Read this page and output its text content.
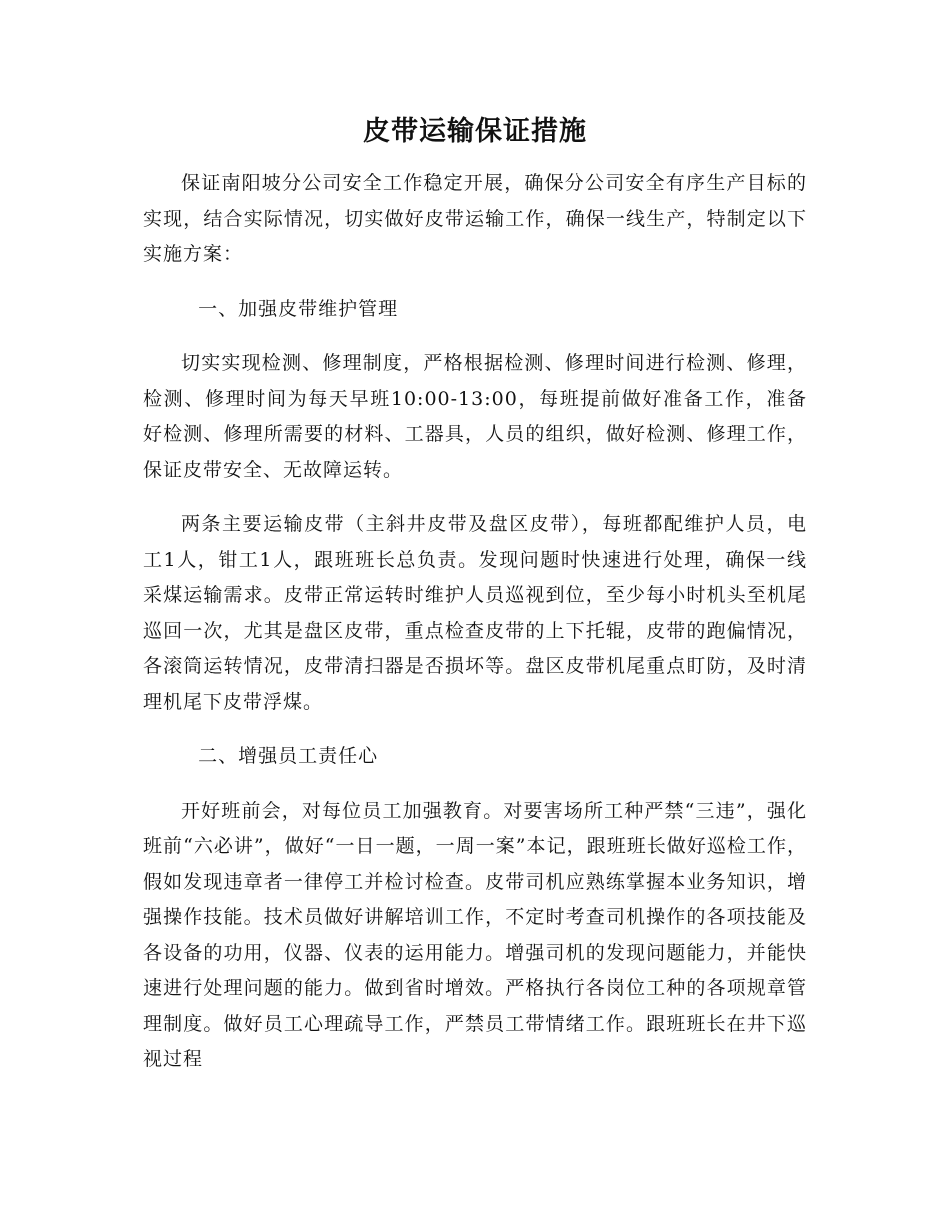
皮带运输保证措施

保证南阳坡分公司安全工作稳定开展，确保分公司安全有序生产目标的实现，结合实际情况，切实做好皮带运输工作，确保一线生产，特制定以下实施方案：

一、加强皮带维护管理

切实实现检测、修理制度，严格根据检测、修理时间进行检测、修理，检测、修理时间为每天早班10:00-13:00，每班提前做好准备工作，准备好检测、修理所需要的材料、工器具，人员的组织，做好检测、修理工作，保证皮带安全、无故障运转。

两条主要运输皮带（主斜井皮带及盘区皮带），每班都配维护人员，电工1人，钳工1人，跟班班长总负责。发现问题时快速进行处理，确保一线采煤运输需求。皮带正常运转时维护人员巡视到位，至少每小时机头至机尾巡回一次，尤其是盘区皮带，重点检查皮带的上下托辊，皮带的跑偏情况，各滚筒运转情况，皮带清扫器是否损坏等。盘区皮带机尾重点盯防，及时清理机尾下皮带浮煤。

二、增强员工责任心

开好班前会，对每位员工加强教育。对要害场所工种严禁“三违”，强化班前“六必讲”，做好“一日一题，一周一案”本记，跟班班长做好巡检工作，假如发现违章者一律停工并检讨检查。皮带司机应熟练掌握本业务知识，增强操作技能。技术员做好讲解培训工作，不定时考查司机操作的各项技能及各设备的功用，仪器、仪表的运用能力。增强司机的发现问题能力，并能快速进行处理问题的能力。做到省时增效。严格执行各岗位工种的各项规章管理制度。做好员工心理疏导工作，严禁员工带情绪工作。跟班班长在井下巡视过程
